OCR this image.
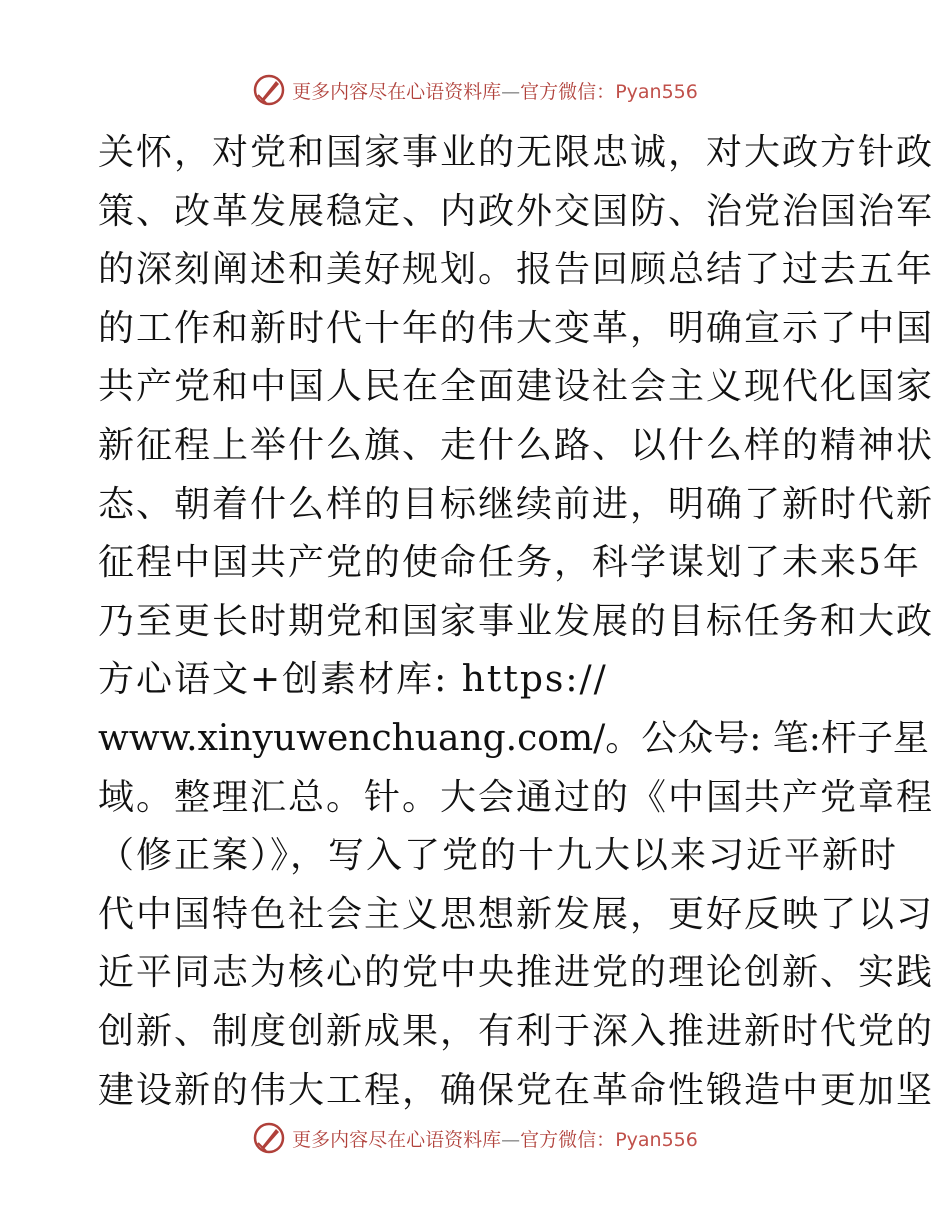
更多内容尽在心语资料库—官方微信：Pyan556
关怀，对党和国家事业的无限忠诚，对大政方针政
策、改革发展稳定、内政外交国防、治党治国治军
的深刻阐述和美好规划。报告回顾总结了过去五年
的工作和新时代十年的伟大变革，明确宣示了中国
共产党和中国人民在全面建设社会主义现代化国家
新征程上举什么旗、走什么路、以什么样的精神状
态、朝着什么样的目标继续前进，明确了新时代新
征程中国共产党的使命任务，科学谋划了未来5年
乃至更长时期党和国家事业发展的目标任务和大政
方心语文+创素材库: https://
www.xinyuwenchuang.com/。公众号: 笔:杆子星
域。整理汇总。针。大会通过的《中国共产党章程
（修正案）》，写入了党的十九大以来习近平新时
代中国特色社会主义思想新发展，更好反映了以习
近平同志为核心的党中央推进党的理论创新、实践
创新、制度创新成果，有利于深入推进新时代党的
建设新的伟大工程，确保党在革命性锻造中更加坚
更多内容尽在心语资料库—官方微信：Pyan556
